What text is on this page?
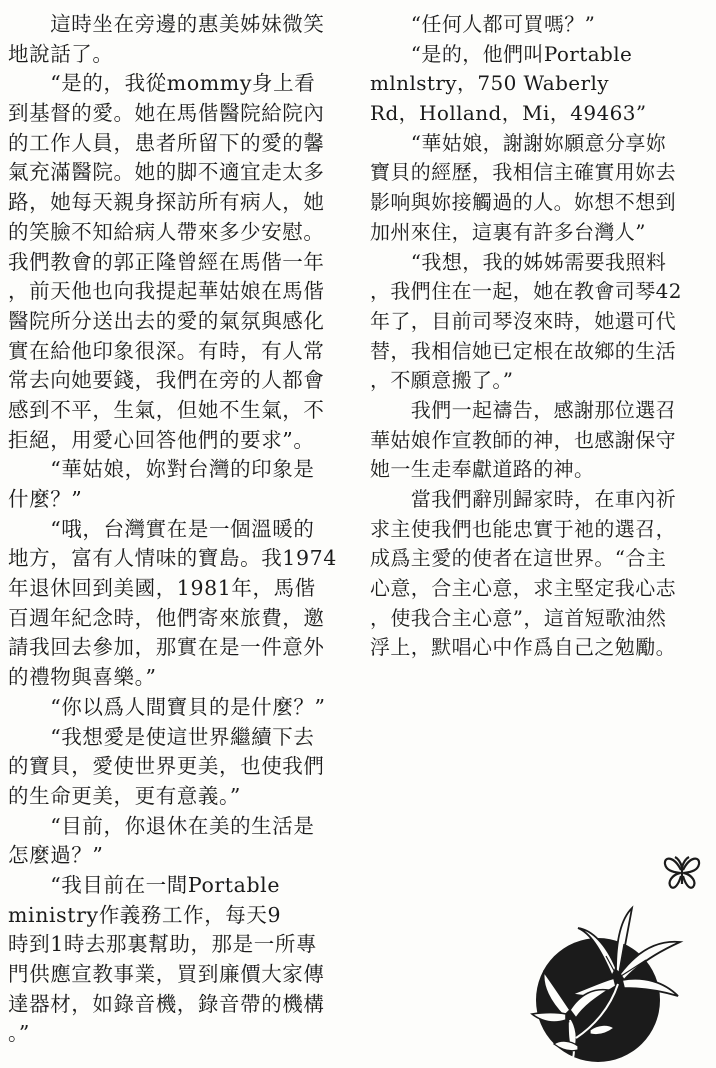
　　這時坐在旁邊的惠美姊妹微笑
地說話了。
　　“是的，我從mommy身上看
到基督的愛。她在馬偕醫院給院內
的工作人員，患者所留下的愛的馨
氣充滿醫院。她的脚不適宜走太多
路，她每天親身探訪所有病人，她
的笑臉不知給病人帶來多少安慰。
我們教會的郭正隆曾經在馬偕一年
，前天他也向我提起華姑娘在馬偕
醫院所分送出去的愛的氣氛與感化
實在給他印象很深。有時，有人常
常去向她要錢，我們在旁的人都會
感到不平，生氣，但她不生氣，不
拒絕，用愛心回答他們的要求”。
　　“華姑娘，妳對台灣的印象是
什麼？”
　　“哦，台灣實在是一個溫暖的
地方，富有人情味的寶島。我1974
年退休回到美國，1981年，馬偕
百週年紀念時，他們寄來旅費，邀
請我回去參加，那實在是一件意外
的禮物與喜樂。”
　　“你以爲人間寶貝的是什麼？”
　　“我想愛是使這世界繼續下去
的寶貝，愛使世界更美，也使我們
的生命更美，更有意義。”
　　“目前，你退休在美的生活是
怎麼過？”
　　“我目前在一間Portable
ministry作義務工作，每天9
時到1時去那裏幫助，那是一所專
門供應宣教事業，買到廉價大家傳
達器材，如錄音機，錄音帶的機構
。”
　　“任何人都可買嗎？”
　　“是的，他們叫Portable
mlnlstry，750 Waberly
Rd，Holland，Mi，49463”
　　“華姑娘，謝謝妳願意分享妳
寶貝的經歷，我相信主確實用妳去
影响與妳接觸過的人。妳想不想到
加州來住，這裏有許多台灣人”
　　“我想，我的姊姊需要我照料
，我們住在一起，她在教會司琴42
年了，目前司琴沒來時，她還可代
替，我相信她已定根在故鄉的生活
，不願意搬了。”
　　我們一起禱告，感謝那位選召
華姑娘作宣教師的神，也感謝保守
她一生走奉獻道路的神。
　　當我們辭別歸家時，在車內祈
求主使我們也能忠實于祂的選召，
成爲主愛的使者在這世界。“合主
心意，合主心意，求主堅定我心志
，使我合主心意”，這首短歌油然
浮上，默唱心中作爲自己之勉勵。
